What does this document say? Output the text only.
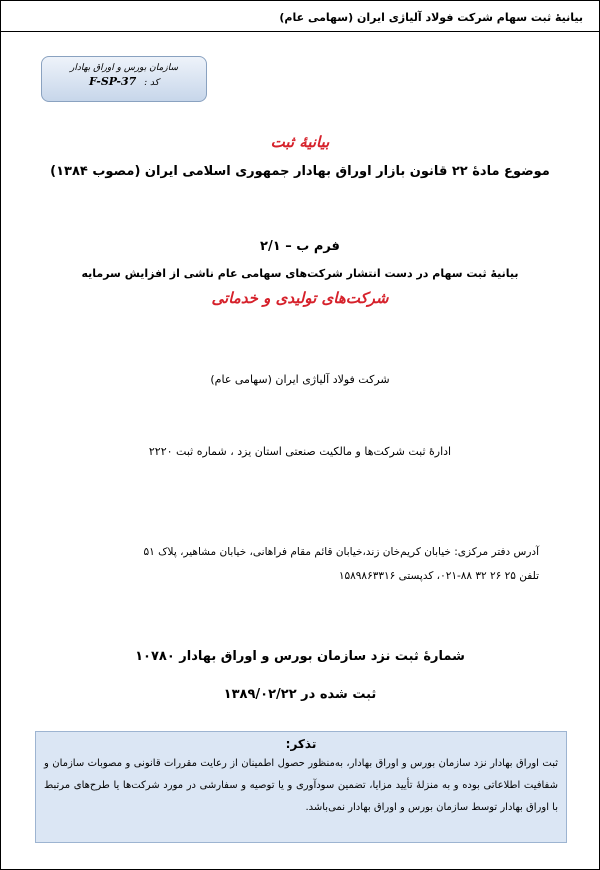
بیانیهٔ ثبت سهام شرکت فولاد آلیاژی ایران (سهامی عام)
سازمان بورس و اوراق بهادار
کد : F-SP-37
بیانیهٔ ثبت
موضوع مادهٔ ۲۲ قانون بازار اوراق بهادار جمهوری اسلامی ایران (مصوب ۱۳۸۴)
فرم ب – ۲/۱
بیانیهٔ ثبت سهام در دست انتشار شرکت‌های سهامی عام ناشی از افزایش سرمایه
شرکت‌های تولیدی و خدماتی
شرکت فولاد آلیاژی ایران (سهامی عام)
ادارهٔ ثبت شرکت‌ها و مالکیت صنعتی استان یزد ، شماره ثبت ۲۲۲۰
آدرس دفتر مرکزی: خیابان کریم‌خان زند،خیابان قائم مقام فراهانی، خیابان مشاهیر، پلاک ۵۱
تلفن ۲۵ ۲۶ ۳۲ ۸۸-۰۲۱، کدپستی ۱۵۸۹۸۶۳۳۱۶
شمارهٔ ثبت نزد سازمان بورس و اوراق بهادار ۱۰۷۸۰
ثبت شده در ۱۳۸۹/۰۲/۲۲
تذکر:
ثبت اوراق بهادار نزد سازمان بورس و اوراق بهادار، به‌منظور حصول اطمینان از رعایت مقررات قانونی و مصوبات سازمان و شفافیت اطلاعاتی بوده و به منزلهٔ تأیید مزایا، تضمین سودآوری و یا توصیه و سفارشی در مورد شرکت‌ها یا طرح‌های مرتبط با اوراق بهادار توسط سازمان بورس و اوراق بهادار نمی‌باشد.
